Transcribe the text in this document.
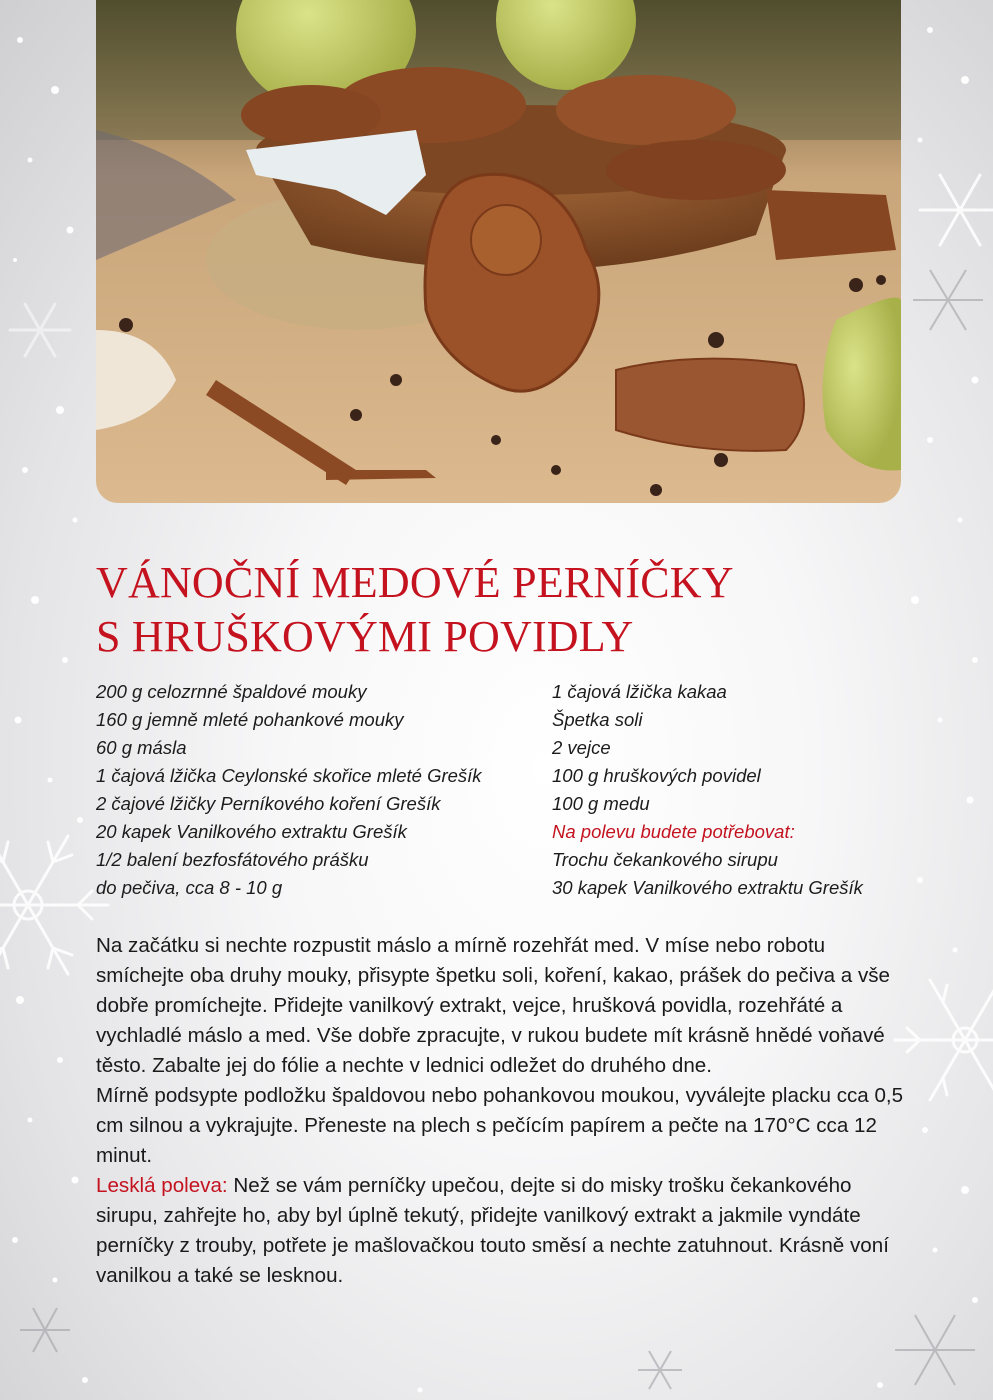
VÁNOČNÍ MEDOVÉ PERNÍČKY
S HRUŠKOVÝMI POVIDLY
200 g celozrnné špaldové mouky
160 g jemně mleté pohankové mouky
60 g másla
1 čajová lžička Ceylonské skořice mleté Grešík
2 čajové lžičky Perníkového koření Grešík
20 kapek Vanilkového extraktu Grešík
1/2 balení bezfosfátového prášku
do pečiva, cca 8 - 10 g
1 čajová lžička kakaa
Špetka soli
2 vejce
100 g hruškových povidel
100 g medu
Na polevu budete potřebovat:
Trochu čekankového sirupu
30 kapek Vanilkového extraktu Grešík

Na začátku si nechte rozpustit máslo a mírně rozehřát med. V míse nebo robotu smíchejte oba druhy mouky, přisypte špetku soli, koření, kakao, prášek do pečiva a vše dobře promíchejte. Přidejte vanilkový extrakt, vejce, hrušková povidla, rozehřáté a vychladlé máslo a med. Vše dobře zpracujte, v rukou budete mít krásně hnědé voňavé těsto. Zabalte jej do fólie a nechte v lednici odležet do druhého dne.

Mírně podsypte podložku špaldovou nebo pohankovou moukou, vyválejte placku cca 0,5 cm silnou a vykrajujte. Přeneste na plech s pečícím papírem a pečte na 170°C cca 12 minut.

Lesklá poleva: Než se vám perníčky upečou, dejte si do misky trošku čekankového sirupu, zahřejte ho, aby byl úplně tekutý, přidejte vanilkový extrakt a jakmile vyndáte perníčky z trouby, potřete je mašlovačkou touto směsí a nechte zatuhnout. Krásně voní vanilkou a také se lesknou.
